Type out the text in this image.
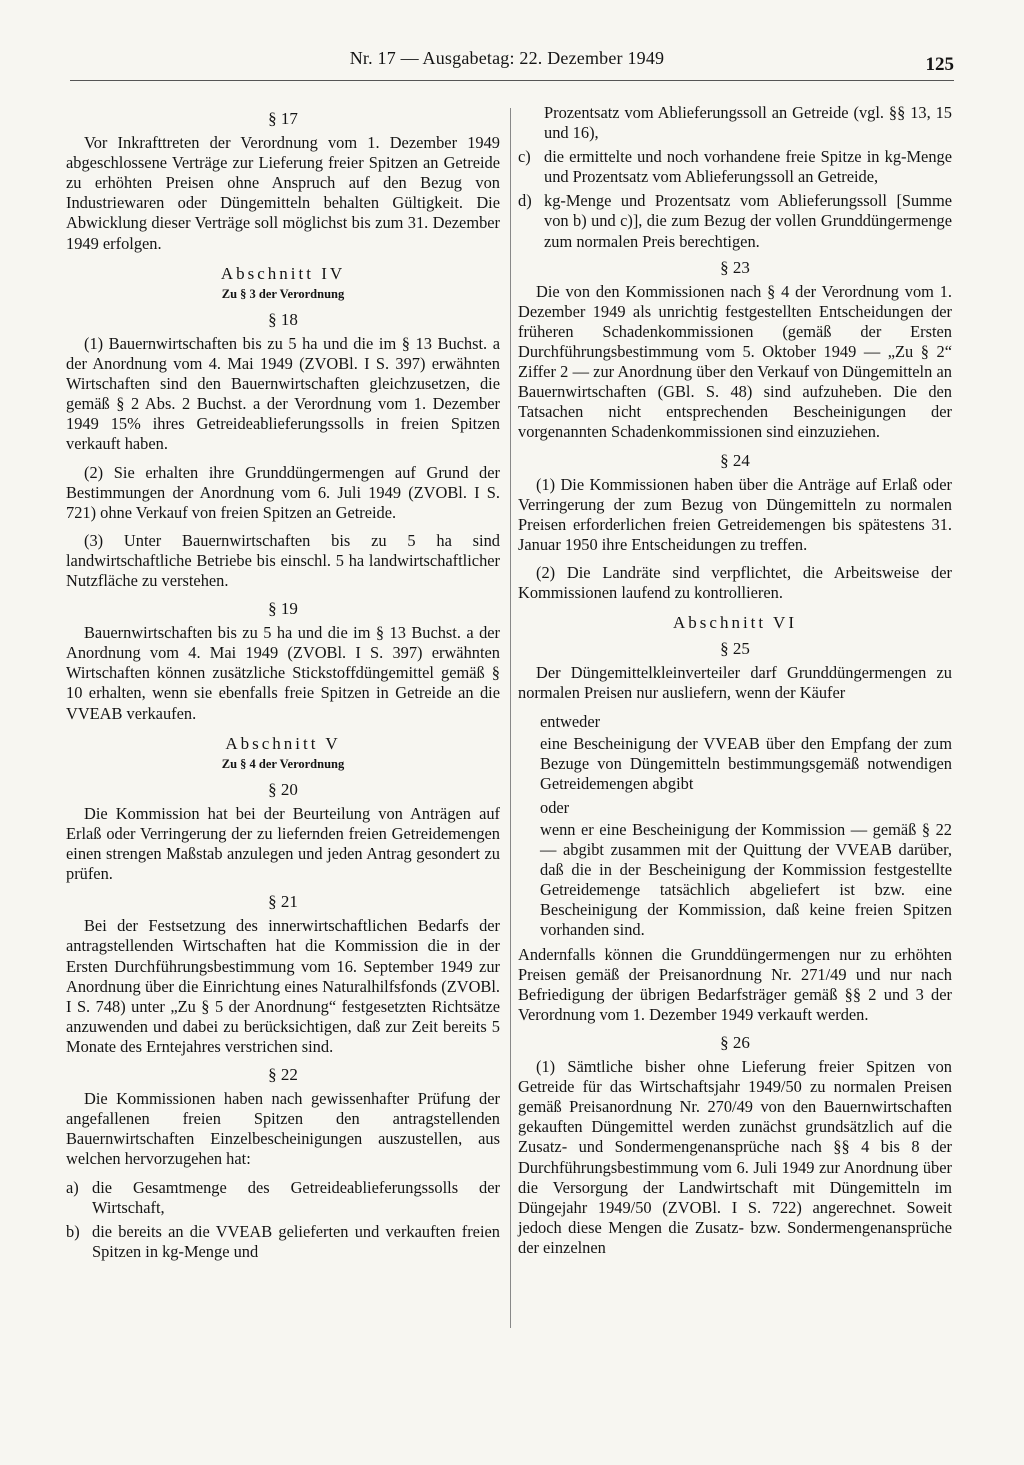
Nr. 17 — Ausgabetag: 22. Dezember 1949	125
§ 17

Vor Inkrafttreten der Verordnung vom 1. Dezember 1949 abgeschlossene Verträge zur Lieferung freier Spitzen an Getreide zu erhöhten Preisen ohne Anspruch auf den Bezug von Industriewaren oder Düngemitteln behalten Gültigkeit. Die Abwicklung dieser Verträge soll möglichst bis zum 31. Dezember 1949 erfolgen.

Abschnitt IV
Zu § 3 der Verordnung
§ 18

(1) Bauernwirtschaften bis zu 5 ha und die im § 13 Buchst. a der Anordnung vom 4. Mai 1949 (ZVOBl. I S. 397) erwähnten Wirtschaften sind den Bauernwirtschaften gleichzusetzen, die gemäß § 2 Abs. 2 Buchst. a der Verordnung vom 1. Dezember 1949 15% ihres Getreideablieferungssolls in freien Spitzen verkauft haben.

(2) Sie erhalten ihre Grunddüngermengen auf Grund der Bestimmungen der Anordnung vom 6. Juli 1949 (ZVOBl. I S. 721) ohne Verkauf von freien Spitzen an Getreide.

(3) Unter Bauernwirtschaften bis zu 5 ha sind landwirtschaftliche Betriebe bis einschl. 5 ha landwirtschaftlicher Nutzfläche zu verstehen.

§ 19

Bauernwirtschaften bis zu 5 ha und die im § 13 Buchst. a der Anordnung vom 4. Mai 1949 (ZVOBl. I S. 397) erwähnten Wirtschaften können zusätzliche Stickstoffdüngemittel gemäß § 10 erhalten, wenn sie ebenfalls freie Spitzen in Getreide an die VVEAB verkaufen.

Abschnitt V
Zu § 4 der Verordnung
§ 20

Die Kommission hat bei der Beurteilung von Anträgen auf Erlaß oder Verringerung der zu liefernden freien Getreidemengen einen strengen Maßstab anzulegen und jeden Antrag gesondert zu prüfen.

§ 21

Bei der Festsetzung des innerwirtschaftlichen Bedarfs der antragstellenden Wirtschaften hat die Kommission die in der Ersten Durchführungsbestimmung vom 16. September 1949 zur Anordnung über die Einrichtung eines Naturalhilfsfonds (ZVOBl. I S. 748) unter „Zu § 5 der Anordnung“ festgesetzten Richtsätze anzuwenden und dabei zu berücksichtigen, daß zur Zeit bereits 5 Monate des Erntejahres verstrichen sind.

§ 22

Die Kommissionen haben nach gewissenhafter Prüfung der angefallenen freien Spitzen den antragstellenden Bauernwirtschaften Einzelbescheinigungen auszustellen, aus welchen hervorzugehen hat:

a) die Gesamtmenge des Getreideablieferungssolls der Wirtschaft,
b) die bereits an die VVEAB gelieferten und verkauften freien Spitzen in kg-Menge und
Prozentsatz vom Ablieferungssoll an Getreide (vgl. §§ 13, 15 und 16),
c) die ermittelte und noch vorhandene freie Spitze in kg-Menge und Prozentsatz vom Ablieferungssoll an Getreide,
d) kg-Menge und Prozentsatz vom Ablieferungssoll [Summe von b) und c)], die zum Bezug der vollen Grunddüngermenge zum normalen Preis berechtigen.
§ 23

Die von den Kommissionen nach § 4 der Verordnung vom 1. Dezember 1949 als unrichtig festgestellten Entscheidungen der früheren Schadenkommissionen (gemäß der Ersten Durchführungsbestimmung vom 5. Oktober 1949 — „Zu § 2“ Ziffer 2 — zur Anordnung über den Verkauf von Düngemitteln an Bauernwirtschaften (GBl. S. 48) sind aufzuheben. Die den Tatsachen nicht entsprechenden Bescheinigungen der vorgenannten Schadenkommissionen sind einzuziehen.

§ 24

(1) Die Kommissionen haben über die Anträge auf Erlaß oder Verringerung der zum Bezug von Düngemitteln zu normalen Preisen erforderlichen freien Getreidemengen bis spätestens 31. Januar 1950 ihre Entscheidungen zu treffen.

(2) Die Landräte sind verpflichtet, die Arbeitsweise der Kommissionen laufend zu kontrollieren.

Abschnitt VI
§ 25

Der Düngemittelkleinverteiler darf Grunddüngermengen zu normalen Preisen nur ausliefern, wenn der Käufer

entweder

eine Bescheinigung der VVEAB über den Empfang der zum Bezuge von Düngemitteln bestimmungsgemäß notwendigen Getreidemengen abgibt

oder

wenn er eine Bescheinigung der Kommission — gemäß § 22 — abgibt zusammen mit der Quittung der VVEAB darüber, daß die in der Bescheinigung der Kommission festgestellte Getreidemenge tatsächlich abgeliefert ist bzw. eine Bescheinigung der Kommission, daß keine freien Spitzen vorhanden sind.

Andernfalls können die Grunddüngermengen nur zu erhöhten Preisen gemäß der Preisanordnung Nr. 271/49 und nur nach Befriedigung der übrigen Bedarfsträger gemäß §§ 2 und 3 der Verordnung vom 1. Dezember 1949 verkauft werden.

§ 26

(1) Sämtliche bisher ohne Lieferung freier Spitzen von Getreide für das Wirtschaftsjahr 1949/50 zu normalen Preisen gemäß Preisanordnung Nr. 270/49 von den Bauernwirtschaften gekauften Düngemittel werden zunächst grundsätzlich auf die Zusatz- und Sondermengenansprüche nach §§ 4 bis 8 der Durchführungsbestimmung vom 6. Juli 1949 zur Anordnung über die Versorgung der Landwirtschaft mit Düngemitteln im Düngejahr 1949/50 (ZVOBl. I S. 722) angerechnet. Soweit jedoch diese Mengen die Zusatz- bzw. Sondermengenansprüche der einzelnen
